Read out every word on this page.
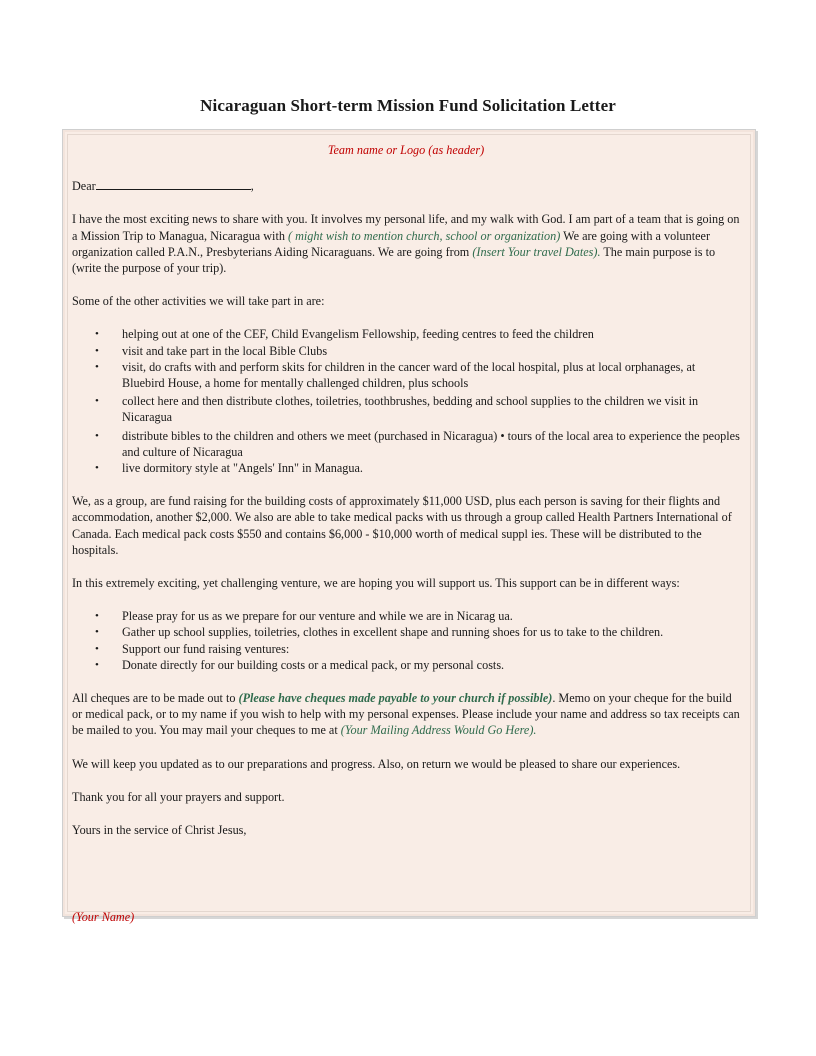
Nicaraguan Short-term Mission Fund Solicitation Letter

Team name or Logo (as header)

Dear	,

I have the most exciting news to share with you. It involves my personal life, and my walk with God. I am part of a team that is going on a Mission Trip to Managua, Nicaragua with ( might wish to mention church, school or organization) We are going with a volunteer organization called P.A.N., Presbyterians Aiding Nicaraguans. We are going from (Insert Your travel Dates). The main purpose is to (write the purpose of your trip).

Some of the other activities we will take part in are:

• helping out at one of the CEF, Child Evangelism Fellowship, feeding centres to feed the children
• visit and take part in the local Bible Clubs
• visit, do crafts with and perform skits for children in the cancer ward of the local hospital, plus at local orphanages, at Bluebird House, a home for mentally challenged children, plus schools
• collect here and then distribute clothes, toiletries, toothbrushes, bedding and school supplies to the children we visit in Nicaragua
• distribute bibles to the children and others we meet (purchased in Nicaragua) • tours of the local area to experience the peoples and culture of Nicaragua
• live dormitory style at "Angels' Inn" in Managua.

We, as a group, are fund raising for the building costs of approximately $11,000 USD, plus each person is saving for their flights and accommodation, another $2,000. We also are able to take medical packs with us through a group called Health Partners International of Canada. Each medical pack costs $550 and contains $6,000 - $10,000 worth of medical suppl ies. These will be distributed to the hospitals.

In this extremely exciting, yet challenging venture, we are hoping you will support us. This support can be in different ways:

• Please pray for us as we prepare for our venture and while we are in Nicarag ua.
• Gather up school supplies, toiletries, clothes in excellent shape and running shoes for us to take to the children.
• Support our fund raising ventures:
• Donate directly for our building costs or a medical pack, or my personal costs.

All cheques are to be made out to (Please have cheques made payable to your church if possible). Memo on your cheque for the build or medical pack, or to my name if you wish to help with my personal expenses. Please include your name and address so tax receipts can be mailed to you. You may mail your cheques to me at (Your Mailing Address Would Go Here).

We will keep you updated as to our preparations and progress. Also, on return we would be pleased to share our experiences.

Thank you for all your prayers and support.

Yours in the service of Christ Jesus,

(Your Name)
